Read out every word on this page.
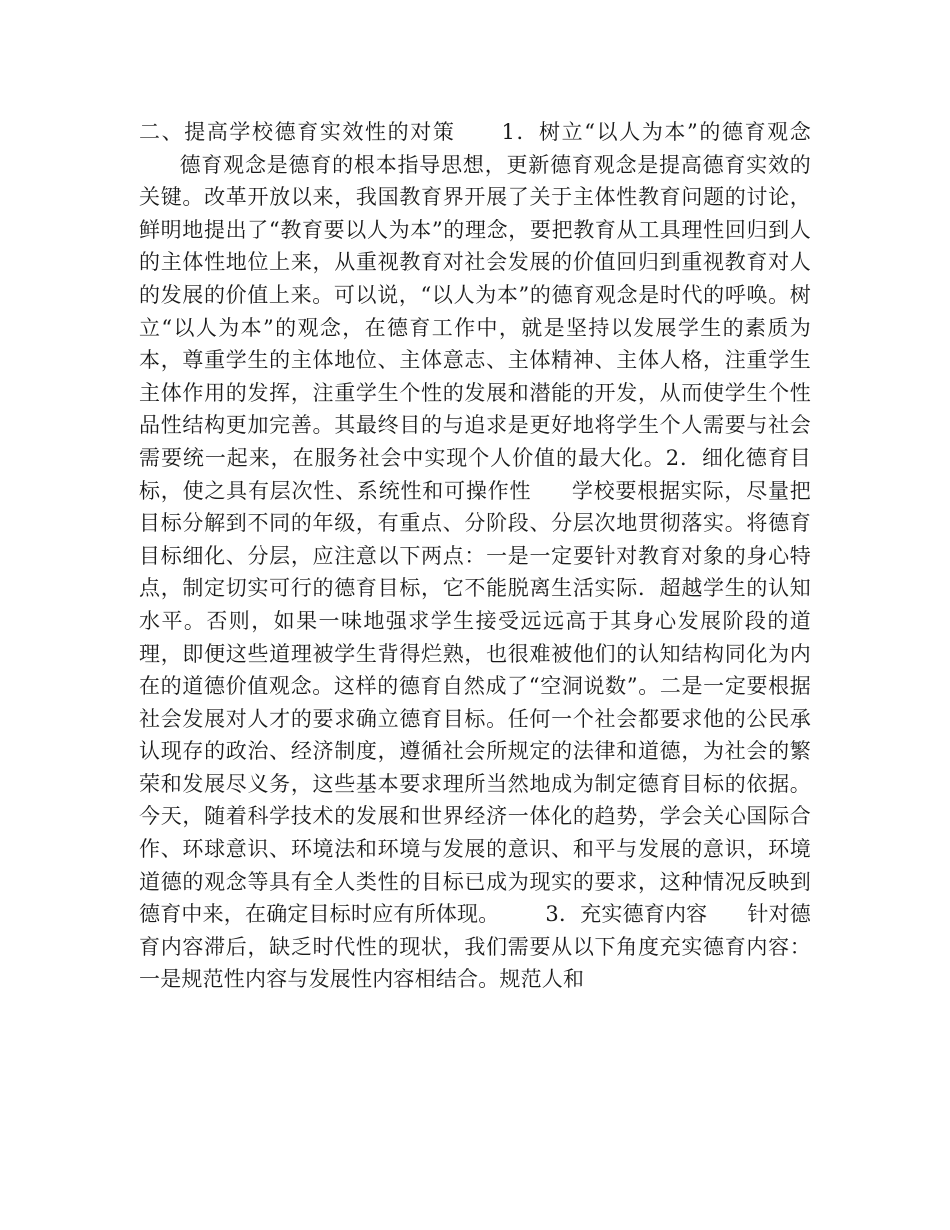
二、提高学校德育实效性的对策 1．树立“以人为本”的德育观念德育观念是德育的根本指导思想，更新德育观念是提高德育实效的关键。改革开放以来，我国教育界开展了关于主体性教育问题的讨论，鲜明地提出了“教育要以人为本”的理念，要把教育从工具理性回归到人的主体性地位上来，从重视教育对社会发展的价值回归到重视教育对人的发展的价值上来。可以说，“以人为本”的德育观念是时代的呼唤。树立“以人为本”的观念，在德育工作中，就是坚持以发展学生的素质为本，尊重学生的主体地位、主体意志、主体精神、主体人格，注重学生主体作用的发挥，注重学生个性的发展和潜能的开发，从而使学生个性品性结构更加完善。其最终目的与追求是更好地将学生个人需要与社会需要统一起来，在服务社会中实现个人价值的最大化。2．细化德育目标，使之具有层次性、系统性和可操作性 学校要根据实际，尽量把目标分解到不同的年级，有重点、分阶段、分层次地贯彻落实。将德育目标细化、分层，应注意以下两点：一是一定要针对教育对象的身心特点，制定切实可行的德育目标，它不能脱离生活实际．超越学生的认知水平。否则，如果一味地强求学生接受远远高于其身心发展阶段的道理，即便这些道理被学生背得烂熟，也很难被他们的认知结构同化为内在的道德价值观念。这样的德育自然成了“空洞说数”。二是一定要根据社会发展对人才的要求确立德育目标。任何一个社会都要求他的公民承认现存的政治、经济制度，遵循社会所规定的法律和道德，为社会的繁荣和发展尽义务，这些基本要求理所当然地成为制定德育目标的依据。今天，随着科学技术的发展和世界经济一体化的趋势，学会关心国际合作、环球意识、环境法和环境与发展的意识、和平与发展的意识，环境道德的观念等具有全人类性的目标已成为现实的要求，这种情况反映到德育中来，在确定目标时应有所体现。 3．充实德育内容 针对德育内容滞后，缺乏时代性的现状，我们需要从以下角度充实德育内容：一是规范性内容与发展性内容相结合。规范人和
